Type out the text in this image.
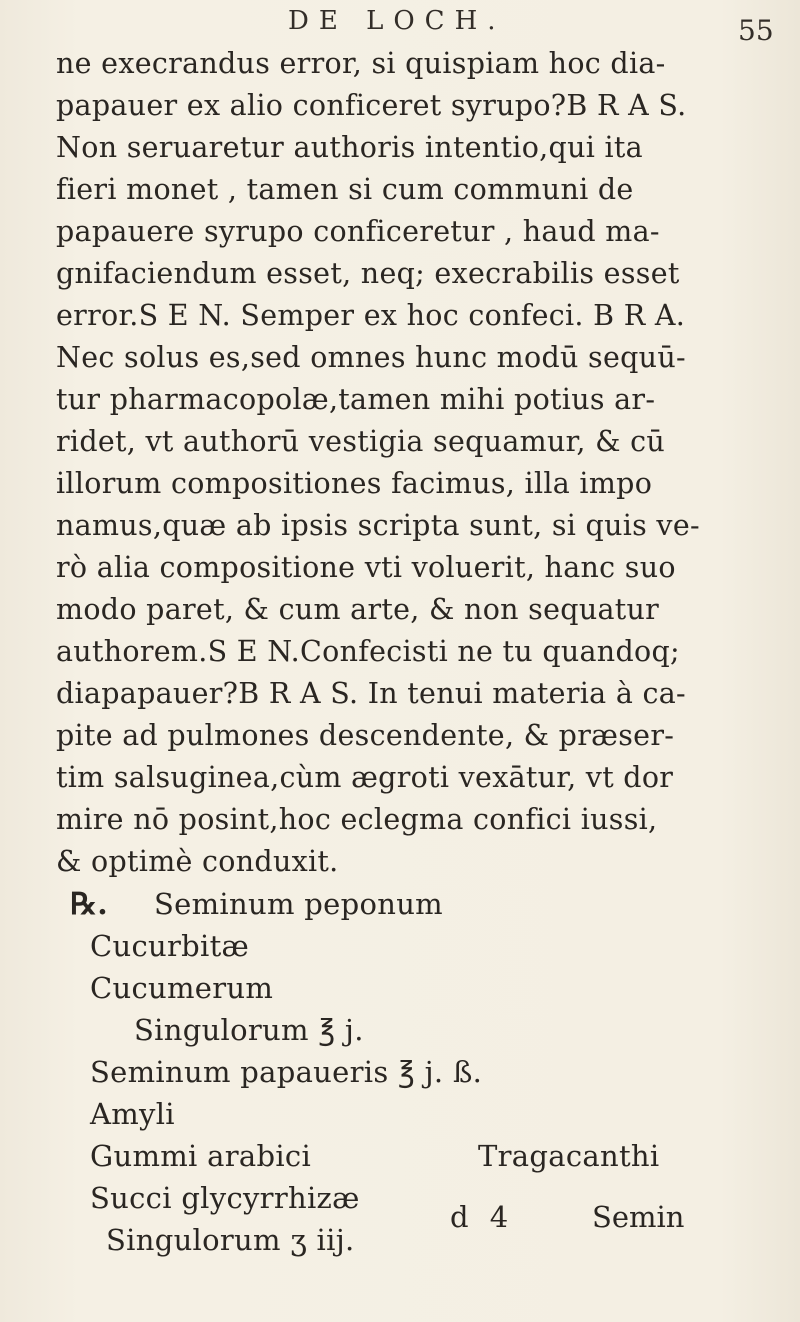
DE LOCH.	55
ne execrandus error, si quispiam hoc dia-
papauer ex alio conficeret syrupo?B R A S.
Non seruaretur authoris intentio,qui ita
fieri monet , tamen si cum communi de
papauere syrupo conficeretur , haud ma-
gnifaciendum esset, neq; execrabilis esset
error.S E N. Semper ex hoc confeci. B R A.
Nec solus es,sed omnes hunc modū sequū-
tur pharmacopolæ,tamen mihi potius ar-
ridet, vt authorū vestigia sequamur, & cū
illorum compositiones facimus, illa impo
namus,quæ ab ipsis scripta sunt, si quis ve-
rò alia compositione vti voluerit, hanc suo
modo paret, & cum arte, & non sequatur
authorem.S E N.Confecisti ne tu quandoq;
diapapauer?B R A S. In tenui materia à ca-
pite ad pulmones descendente, & præser-
tim salsuginea,cùm ægroti vexātur, vt dor
mire nō posint,hoc eclegma confici iussi,
& optimè conduxit.
℞. Seminum peponum
Cucurbitæ
Cucumerum
Singulorum ℥ j.
Seminum papaueris ℥ j. ß.
Amyli
Gummi arabici	Tragacanthi
Succi glycyrrhizæ
Singulorum ʒ iij.
d 4	Semin
